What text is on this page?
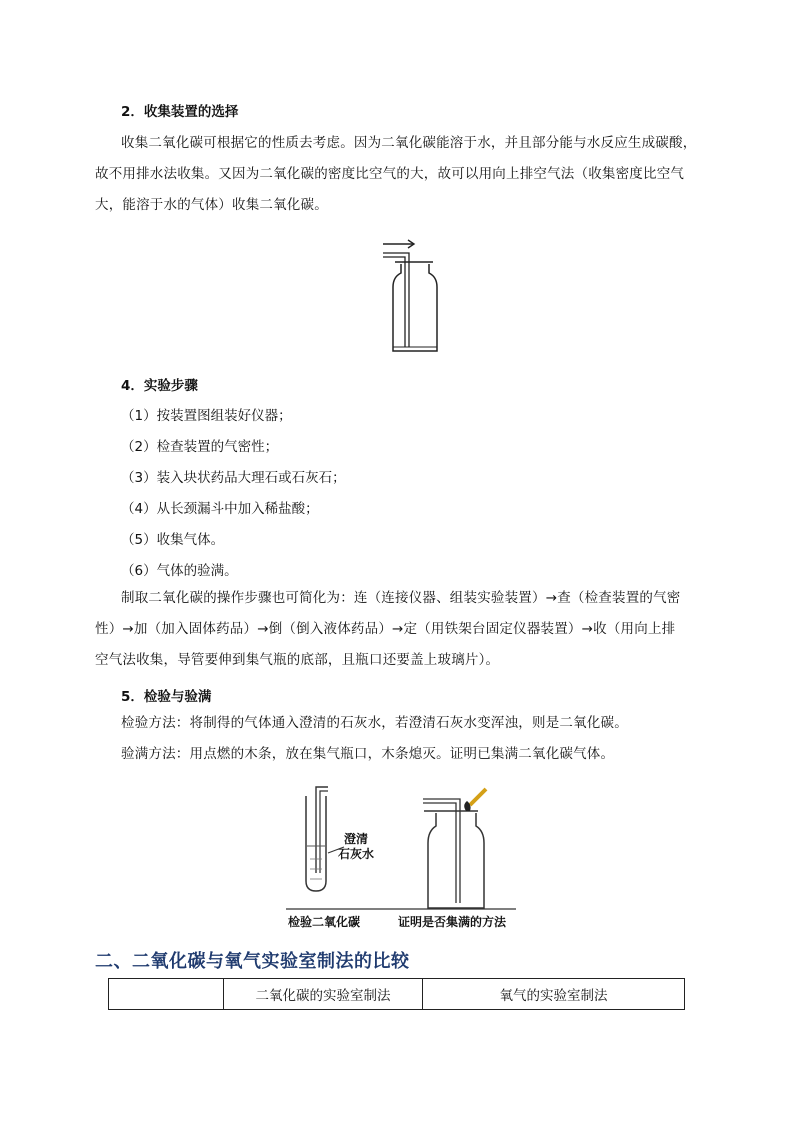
2．收集装置的选择
收集二氧化碳可根据它的性质去考虑。因为二氧化碳能溶于水，并且部分能与水反应生成碳酸，
故不用排水法收集。又因为二氧化碳的密度比空气的大，故可以用向上排空气法（收集密度比空气
大，能溶于水的气体）收集二氧化碳。
4．实验步骤
（1）按装置图组装好仪器；
（2）检查装置的气密性；
（3）装入块状药品大理石或石灰石；
（4）从长颈漏斗中加入稀盐酸；
（5）收集气体。
（6）气体的验满。
制取二氧化碳的操作步骤也可简化为：连（连接仪器、组装实验装置）→查（检查装置的气密
性）→加（加入固体药品）→倒（倒入液体药品）→定（用铁架台固定仪器装置）→收（用向上排
空气法收集，导管要伸到集气瓶的底部，且瓶口还要盖上玻璃片）。
5．检验与验满
检验方法：将制得的气体通入澄清的石灰水，若澄清石灰水变浑浊，则是二氧化碳。
验满方法：用点燃的木条，放在集气瓶口，木条熄灭。证明已集满二氧化碳气体。
澄清
石灰水
检验二氧化碳	证明是否集满的方法
二、二氧化碳与氧气实验室制法的比较
	二氧化碳的实验室制法	氧气的实验室制法
